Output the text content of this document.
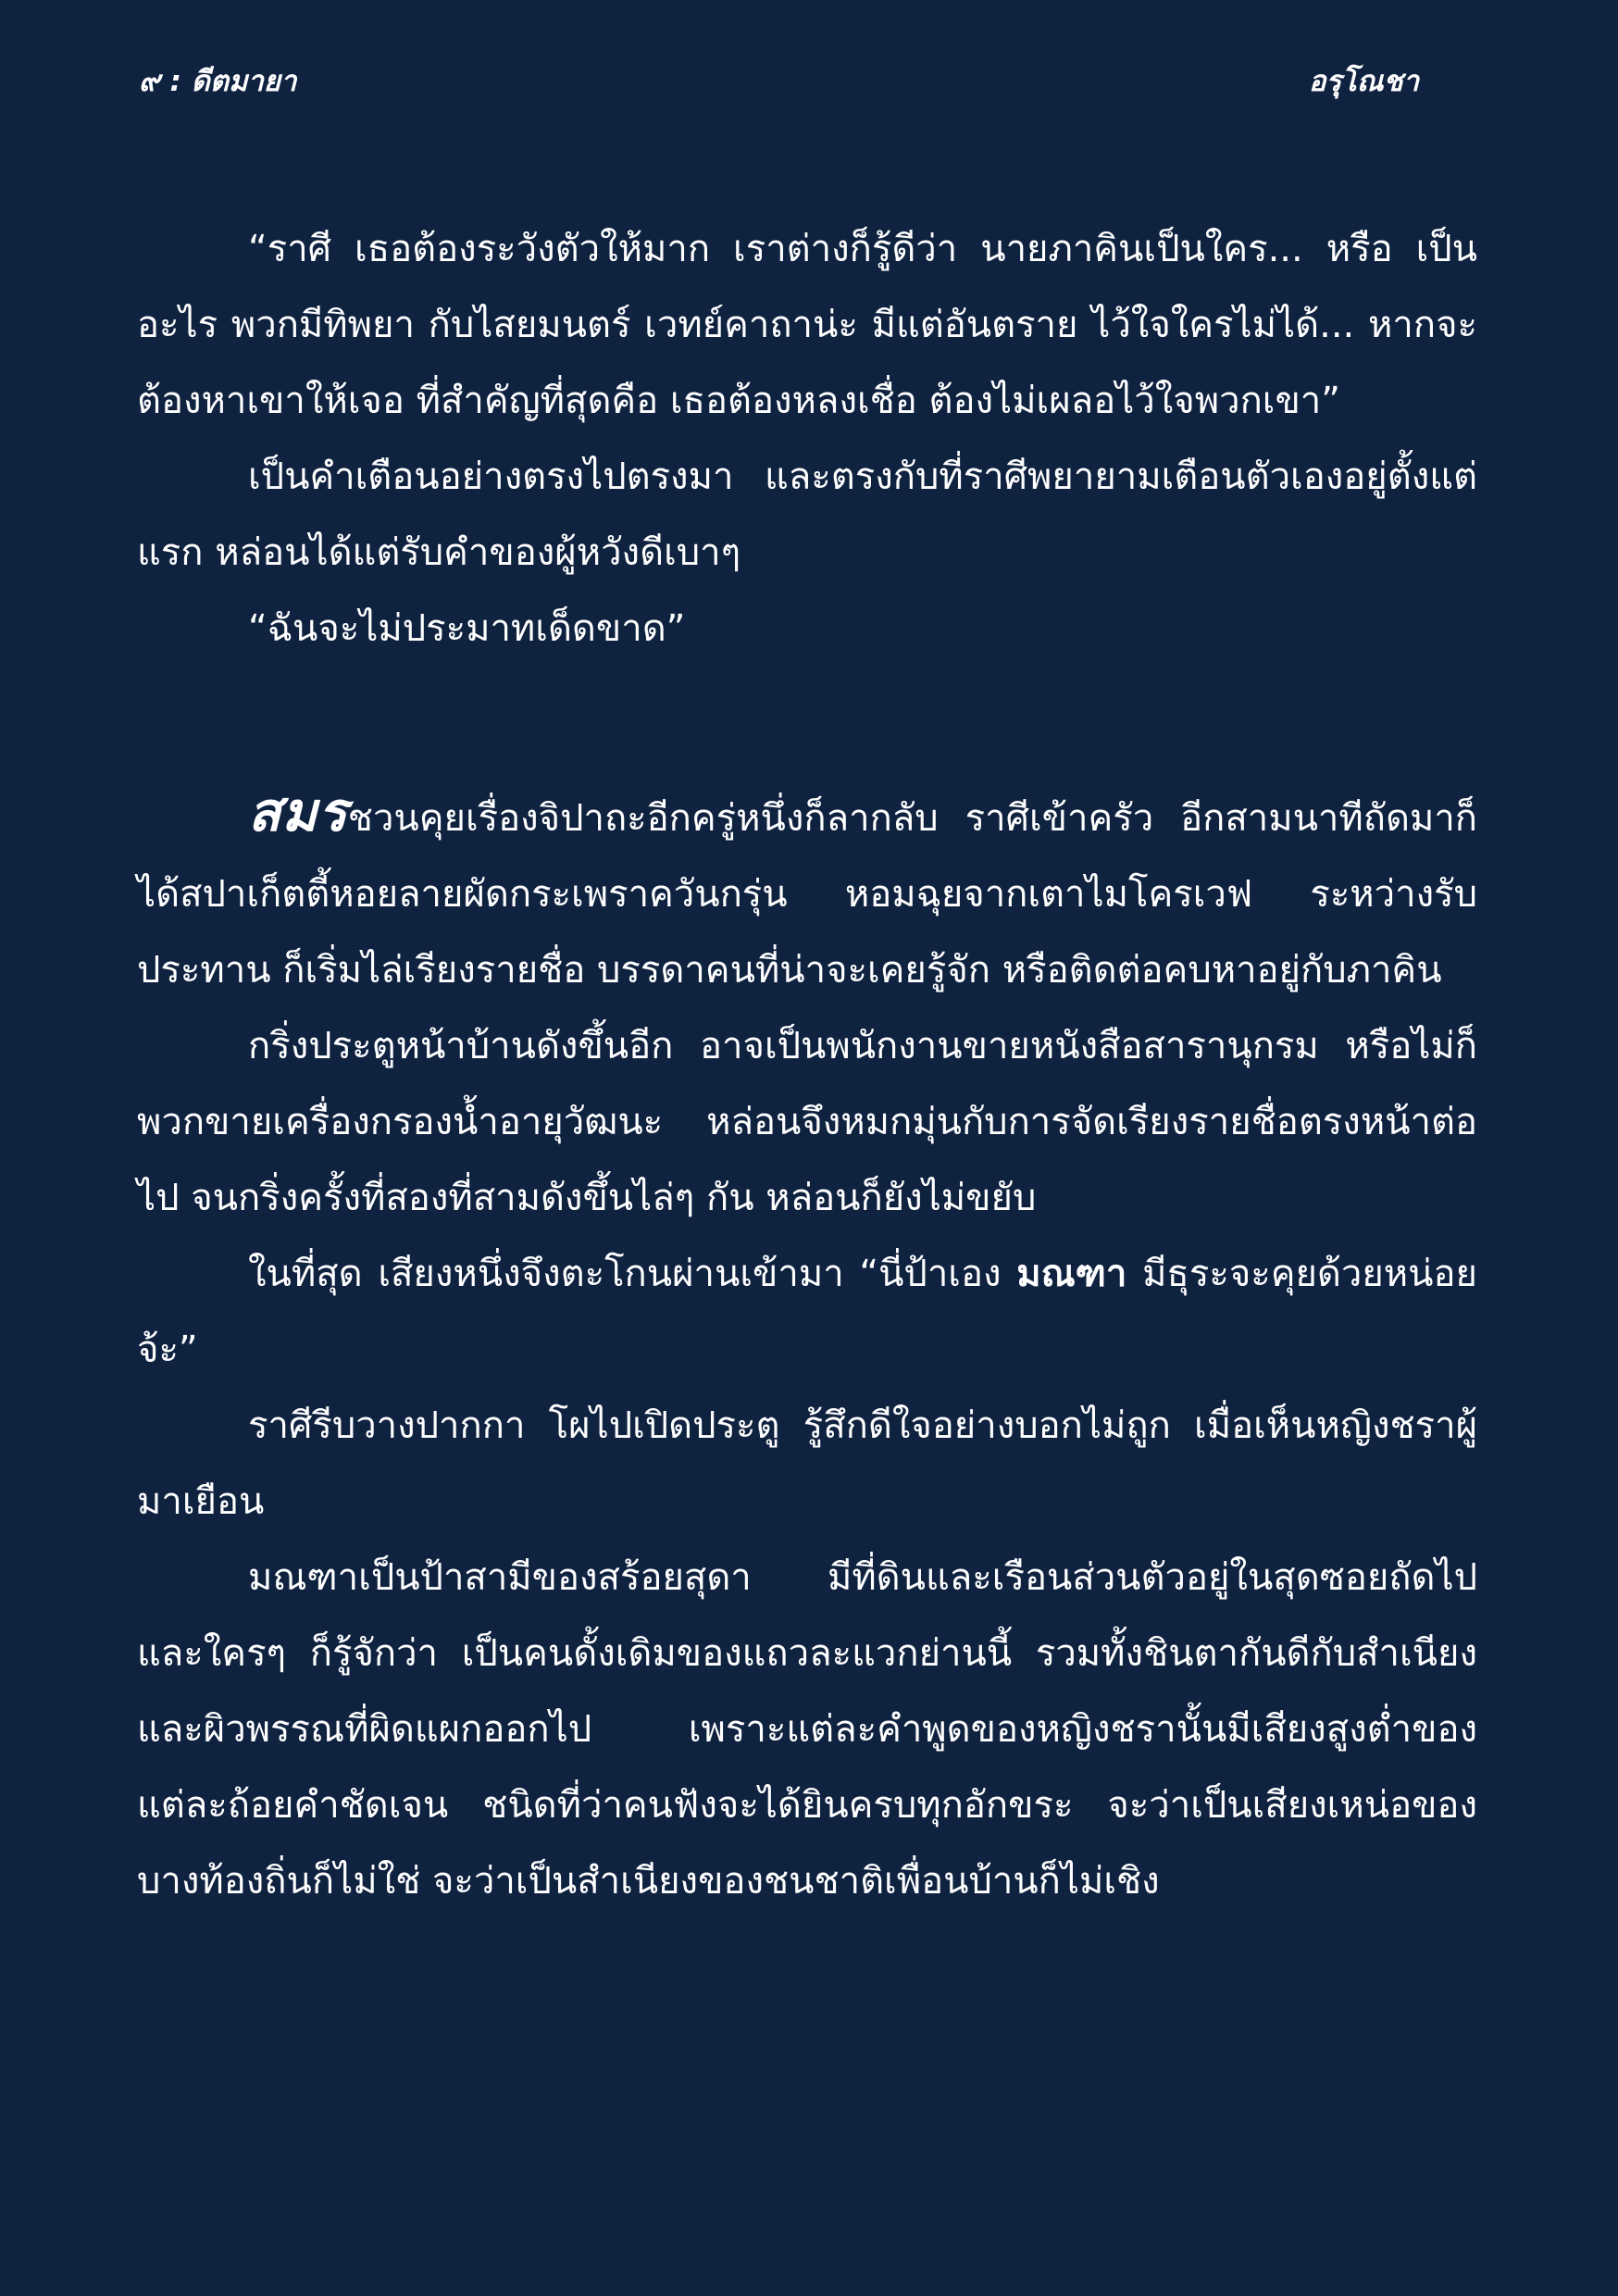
๙ : ดีตมายา	อรุโณชา

“ราศี เธอต้องระวังตัวให้มาก เราต่างก็รู้ดีว่า นายภาคินเป็นใคร... หรือ เป็นอะไร พวกมีทิพยา กับไสยมนตร์ เวทย์คาถาน่ะ มีแต่อันตราย ไว้ใจใครไม่ได้... หากจะต้องหาเขาให้เจอ ที่สำคัญที่สุดคือ เธอต้องหลงเชื่อ ต้องไม่เผลอไว้ใจพวกเขา”

เป็นคำเตือนอย่างตรงไปตรงมา และตรงกับที่ราศีพยายามเตือนตัวเองอยู่ตั้งแต่แรก หล่อนได้แต่รับคำของผู้หวังดีเบาๆ

“ฉันจะไม่ประมาทเด็ดขาด”

สมรชวนคุยเรื่องจิปาถะอีกครู่หนึ่งก็ลากลับ ราศีเข้าครัว อีกสามนาทีถัดมาก็ได้สปาเก็ตตี้หอยลายผัดกระเพราควันกรุ่น หอมฉุยจากเตาไมโครเวฟ ระหว่างรับประทาน ก็เริ่มไล่เรียงรายชื่อ บรรดาคนที่น่าจะเคยรู้จัก หรือติดต่อคบหาอยู่กับภาคิน

กริ่งประตูหน้าบ้านดังขึ้นอีก อาจเป็นพนักงานขายหนังสือสารานุกรม หรือไม่ก็พวกขายเครื่องกรองน้ำอายุวัฒนะ หล่อนจึงหมกมุ่นกับการจัดเรียงรายชื่อตรงหน้าต่อไป จนกริ่งครั้งที่สองที่สามดังขึ้นไล่ๆ กัน หล่อนก็ยังไม่ขยับ

ในที่สุด เสียงหนึ่งจึงตะโกนผ่านเข้ามา “นี่ป้าเอง มณฑา มีธุระจะคุยด้วยหน่อยจ้ะ”

ราศีรีบวางปากกา โผไปเปิดประตู รู้สึกดีใจอย่างบอกไม่ถูก เมื่อเห็นหญิงชราผู้มาเยือน

มณฑาเป็นป้าสามีของสร้อยสุดา มีที่ดินและเรือนส่วนตัวอยู่ในสุดซอยถัดไป และใครๆ ก็รู้จักว่า เป็นคนดั้งเดิมของแถวละแวกย่านนี้ รวมทั้งชินตากันดีกับสำเนียงและผิวพรรณที่ผิดแผกออกไป เพราะแต่ละคำพูดของหญิงชรานั้นมีเสียงสูงต่ำของแต่ละถ้อยคำชัดเจน ชนิดที่ว่าคนฟังจะได้ยินครบทุกอักขระ จะว่าเป็นเสียงเหน่อของบางท้องถิ่นก็ไม่ใช่ จะว่าเป็นสำเนียงของชนชาติเพื่อนบ้านก็ไม่เชิง
